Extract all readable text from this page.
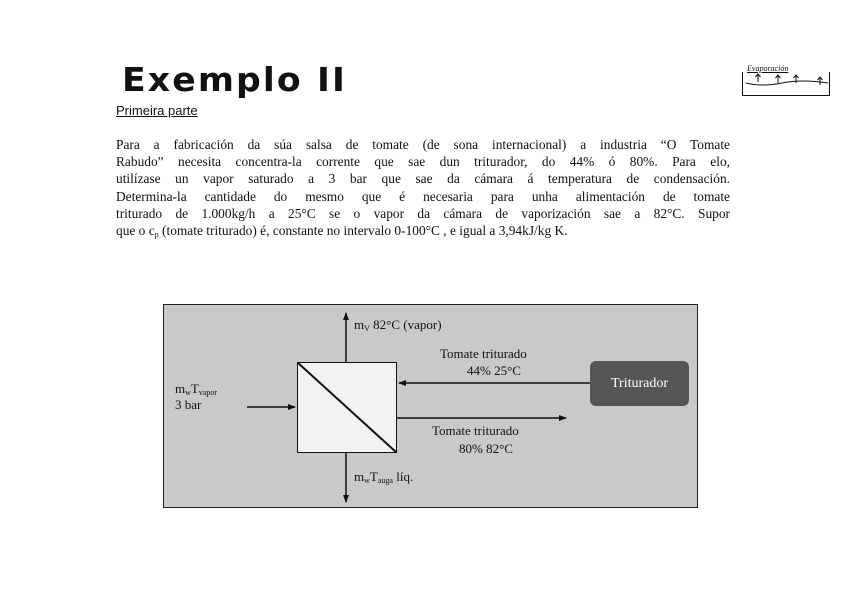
Exemplo II
Primeira parte
Evaporación
Para a fabricación da súa salsa de tomate (de sona internacional) a industria “O Tomate
Rabudo” necesita concentra-la corrente que sae dun triturador, do 44% ó 80%. Para elo,
utilízase un vapor saturado a 3 bar que sae da cámara á temperatura de condensación.
Determina-la cantidade do mesmo que é necesaria para unha alimentación de tomate
triturado de 1.000kg/h a 25°C se o vapor da cámara de vaporización sae a 82°C. Supor
que o $c_p$ (tomate triturado) é, constante no intervalo 0-100°C , e igual a 3,94kJ/kg K.
Triturador
$m_V$ 82°C (vapor)
$m_wT_{vapor}$
3 bar
Tomate triturado
44% 25°C
Tomate triturado
80% 82°C
$m_wT_{auga}$ líq.
